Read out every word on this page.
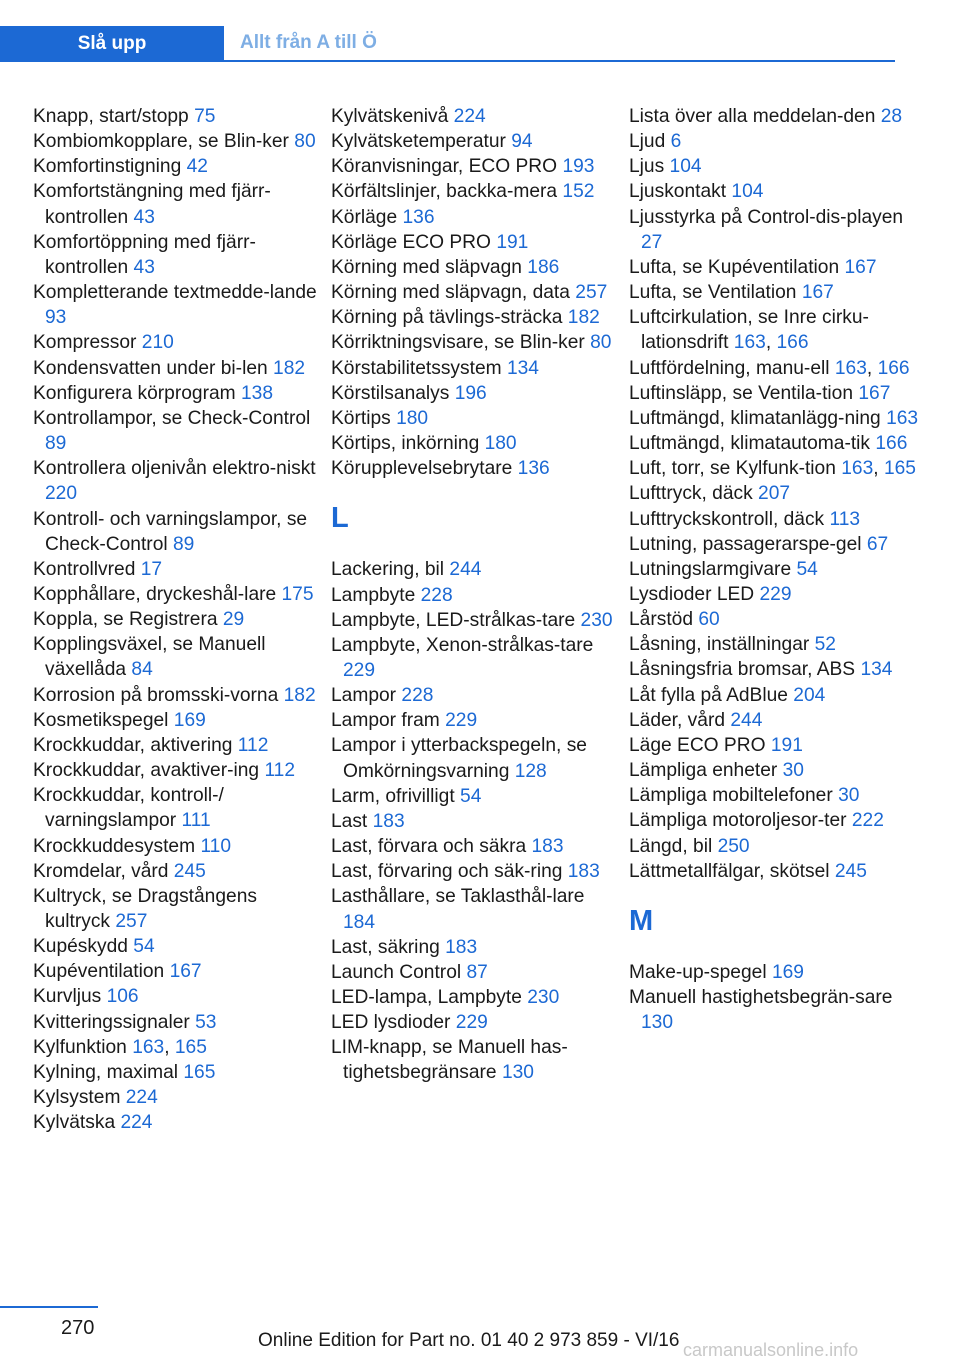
Slå upp	Allt från A till Ö
Knapp, start/stopp 75
Kombiomkopplare, se Blin-ker 80
Komfortinstigning 42
Komfortstängning med fjärr-kontrollen 43
Komfortöppning med fjärr-kontrollen 43
Kompletterande textmedde-lande 93
Kompressor 210
Kondensvatten under bi-len 182
Konfigurera körprogram 138
Kontrollampor, se Check-Control 89
Kontrollera oljenivån elektro-niskt 220
Kontroll- och varningslampor, se Check-Control 89
Kontrollvred 17
Kopphållare, dryckeshål-lare 175
Koppla, se Registrera 29
Kopplingsväxel, se Manuell växellåda 84
Korrosion på bromsski-vorna 182
Kosmetikspegel 169
Krockkuddar, aktivering 112
Krockkuddar, avaktiver-ing 112
Krockkuddar, kontroll-/ varningslampor 111
Krockkuddesystem 110
Kromdelar, vård 245
Kultryck, se Dragstångens kultryck 257
Kupéskydd 54
Kupéventilation 167
Kurvljus 106
Kvitteringssignaler 53
Kylfunktion 163, 165
Kylning, maximal 165
Kylsystem 224
Kylvätska 224
Kylvätskenivå 224
Kylvätsketemperatur 94
Köranvisningar, ECO PRO 193
Körfältslinjer, backka-mera 152
Körläge 136
Körläge ECO PRO 191
Körning med släpvagn 186
Körning med släpvagn, data 257
Körning på tävlings-sträcka 182
Körriktningsvisare, se Blin-ker 80
Körstabilitetssystem 134
Körstilsanalys 196
Körtips 180
Körtips, inkörning 180
Körupplevelsebrytare 136
L
Lackering, bil 244
Lampbyte 228
Lampbyte, LED-strålkas-tare 230
Lampbyte, Xenon-strålkas-tare 229
Lampor 228
Lampor fram 229
Lampor i ytterbackspegeln, se Omkörningsvarning 128
Larm, ofrivilligt 54
Last 183
Last, förvara och säkra 183
Last, förvaring och säk-ring 183
Lasthållare, se Taklasthål-lare 184
Last, säkring 183
Launch Control 87
LED-lampa, Lampbyte 230
LED lysdioder 229
LIM-knapp, se Manuell has-tighetsbegränsare 130
Lista över alla meddelan-den 28
Ljud 6
Ljus 104
Ljuskontakt 104
Ljusstyrka på Control-dis-playen 27
Lufta, se Kupéventilation 167
Lufta, se Ventilation 167
Luftcirkulation, se Inre cirku-lationsdrift 163, 166
Luftfördelning, manu-ell 163, 166
Luftinsläpp, se Ventila-tion 167
Luftmängd, klimatanlägg-ning 163
Luftmängd, klimatautoma-tik 166
Luft, torr, se Kylfunk-tion 163, 165
Lufttryck, däck 207
Lufttryckskontroll, däck 113
Lutning, passagerarspe-gel 67
Lutningslarmgivare 54
Lysdioder LED 229
Lårstöd 60
Låsning, inställningar 52
Låsningsfria bromsar, ABS 134
Låt fylla på AdBlue 204
Läder, vård 244
Läge ECO PRO 191
Lämpliga enheter 30
Lämpliga mobiltelefoner 30
Lämpliga motoroljesor-ter 222
Längd, bil 250
Lättmetallfälgar, skötsel 245
M
Make-up-spegel 169
Manuell hastighetsbegrän-sare 130
270
Online Edition for Part no. 01 40 2 973 859 - VI/16 carmanualsonline.info
